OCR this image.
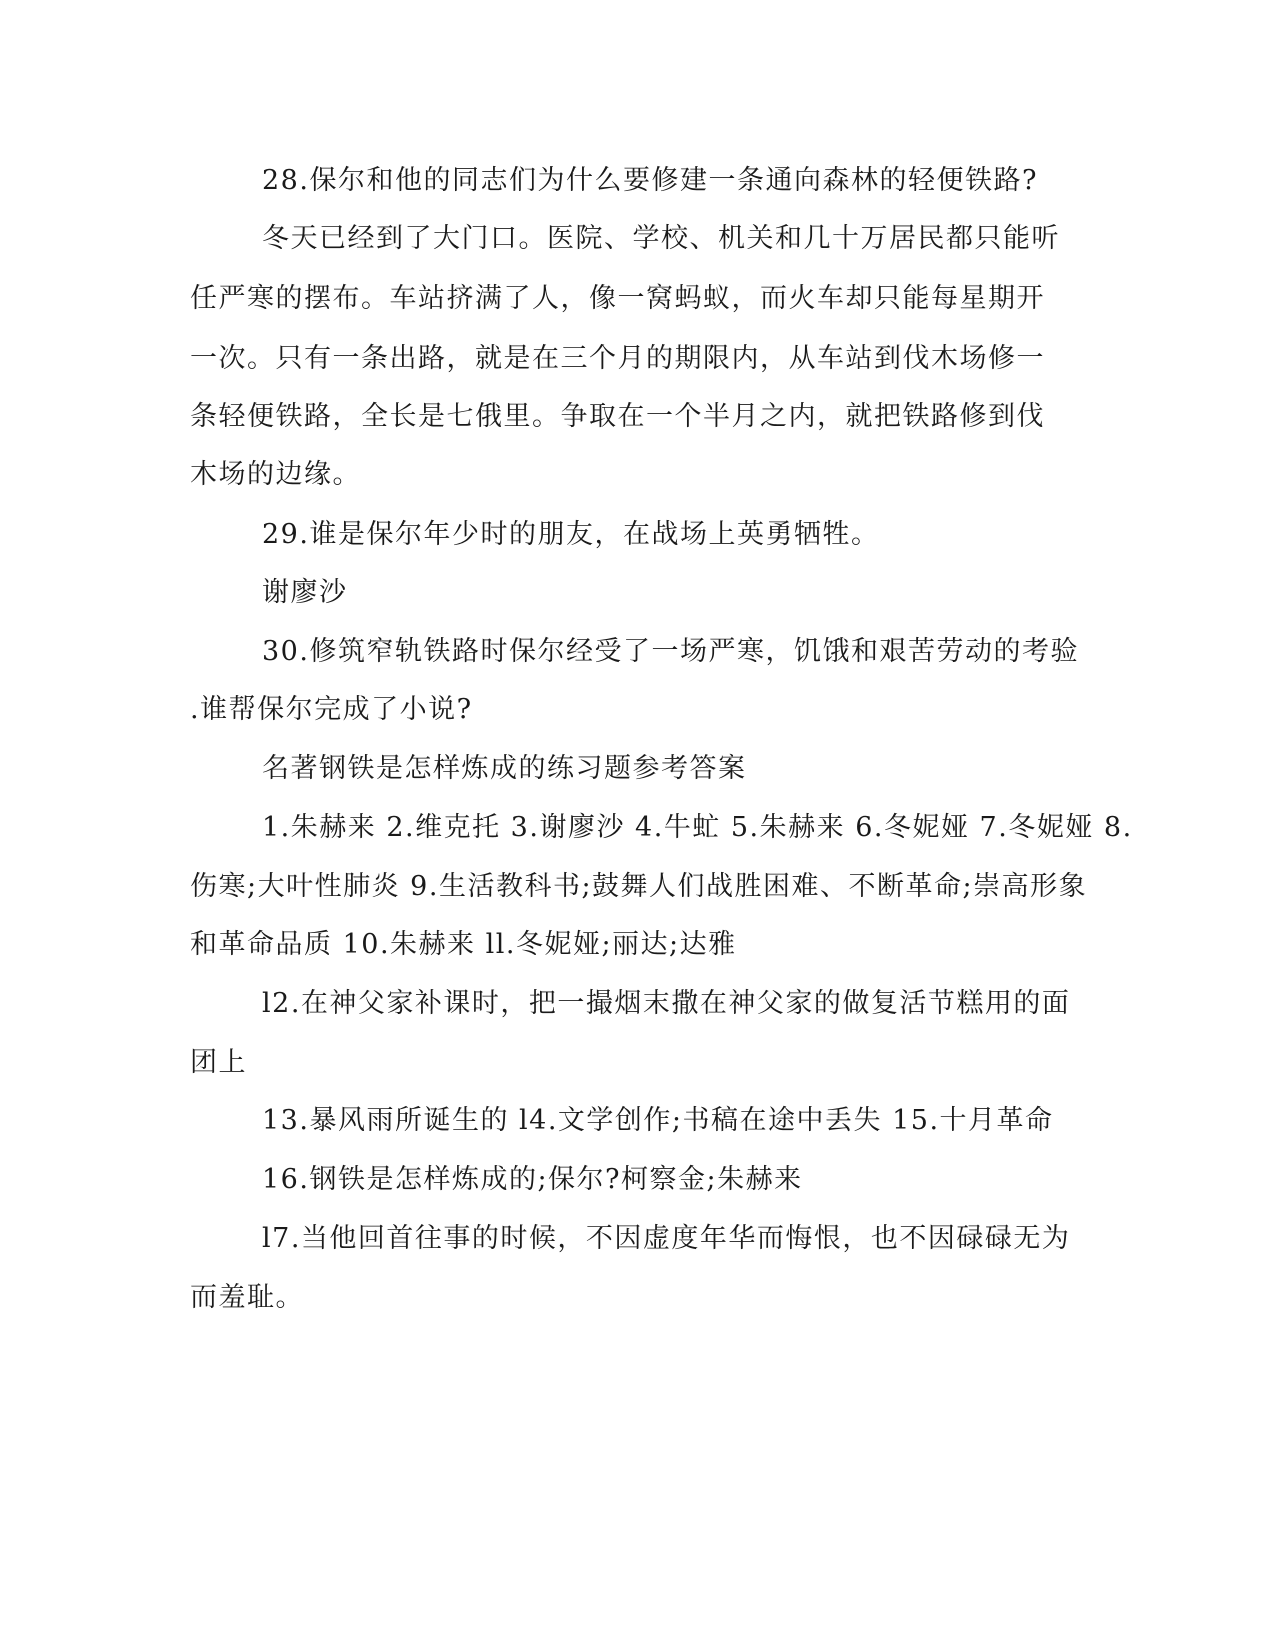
28.保尔和他的同志们为什么要修建一条通向森林的轻便铁路?
冬天已经到了大门口。医院、学校、机关和几十万居民都只能听
任严寒的摆布。车站挤满了人，像一窝蚂蚁，而火车却只能每星期开
一次。只有一条出路，就是在三个月的期限内，从车站到伐木场修一
条轻便铁路，全长是七俄里。争取在一个半月之内，就把铁路修到伐
木场的边缘。
29.谁是保尔年少时的朋友，在战场上英勇牺牲。
谢廖沙
30.修筑窄轨铁路时保尔经受了一场严寒，饥饿和艰苦劳动的考验
.谁帮保尔完成了小说?
名著钢铁是怎样炼成的练习题参考答案
1.朱赫来 2.维克托 3.谢廖沙 4.牛虻 5.朱赫来 6.冬妮娅 7.冬妮娅 8.
伤寒;大叶性肺炎 9.生活教科书;鼓舞人们战胜困难、不断革命;崇高形象
和革命品质 10.朱赫来 ll.冬妮娅;丽达;达雅
l2.在神父家补课时，把一撮烟末撒在神父家的做复活节糕用的面
团上
13.暴风雨所诞生的 l4.文学创作;书稿在途中丢失 15.十月革命
16.钢铁是怎样炼成的;保尔?柯察金;朱赫来
l7.当他回首往事的时候，不因虚度年华而悔恨，也不因碌碌无为
而羞耻。
